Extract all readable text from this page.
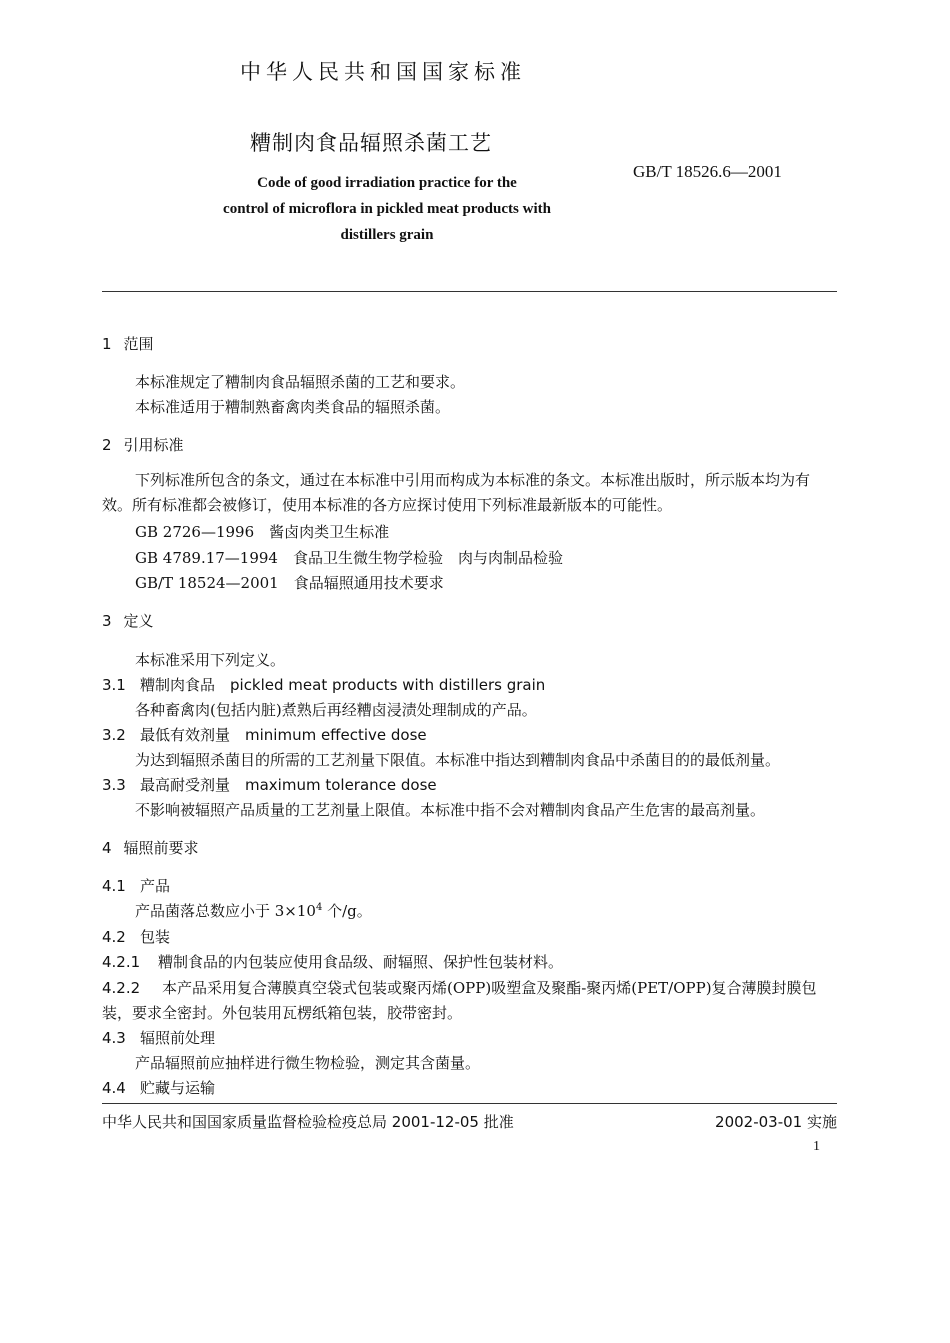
中华人民共和国国家标准
糟制肉食品辐照杀菌工艺
GB/T 18526.6—2001
Code of good irradiation practice for the
control of microflora in pickled meat products with
distillers grain
1 范围
本标准规定了糟制肉食品辐照杀菌的工艺和要求。
本标准适用于糟制熟畜禽肉类食品的辐照杀菌。
2 引用标准
下列标准所包含的条文，通过在本标准中引用而构成为本标准的条文。本标准出版时，所示版本均为有效。所有标准都会被修订，使用本标准的各方应探讨使用下列标准最新版本的可能性。
GB 2726—1996　酱卤肉类卫生标准
GB 4789.17—1994　食品卫生微生物学检验　肉与肉制品检验
GB/T 18524—2001　食品辐照通用技术要求
3 定义
本标准采用下列定义。
3.1 糟制肉食品　pickled meat products with distillers grain
各种畜禽肉(包括内脏)煮熟后再经糟卤浸渍处理制成的产品。
3.2 最低有效剂量　minimum effective dose
为达到辐照杀菌目的所需的工艺剂量下限值。本标准中指达到糟制肉食品中杀菌目的的最低剂量。
3.3 最高耐受剂量　maximum tolerance dose
不影响被辐照产品质量的工艺剂量上限值。本标准中指不会对糟制肉食品产生危害的最高剂量。
4 辐照前要求
4.1 产品
产品菌落总数应小于 $3\times 10^4$ 个/g。
4.2 包装
4.2.1 糟制食品的内包装应使用食品级、耐辐照、保护性包装材料。
4.2.2 本产品采用复合薄膜真空袋式包装或聚丙烯(OPP)吸塑盒及聚酯-聚丙烯(PET/OPP)复合薄膜封膜包装，要求全密封。外包装用瓦楞纸箱包装，胶带密封。
4.3 辐照前处理
产品辐照前应抽样进行微生物检验，测定其含菌量。
4.4 贮藏与运输
中华人民共和国国家质量监督检验检疫总局 2001-12-05 批准	2002-03-01 实施
1
